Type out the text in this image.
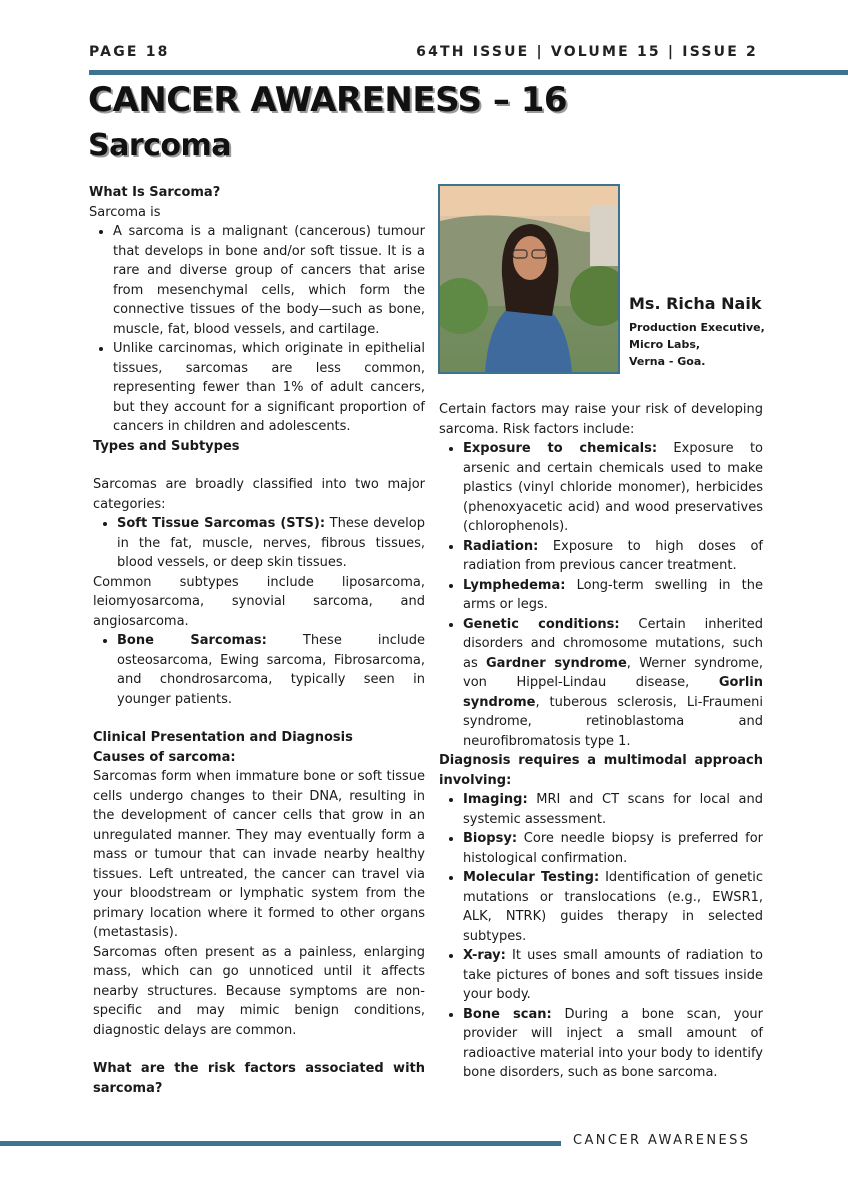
PAGE 18	64TH ISSUE | VOLUME 15 | ISSUE 2
CANCER AWARENESS – 16
Sarcoma
What Is Sarcoma?

Sarcoma is

• A sarcoma is a malignant (cancerous) tumour that develops in bone and/or soft tissue. It is a rare and diverse group of cancers that arise from mesenchymal cells, which form the connective tissues of the body—such as bone, muscle, fat, blood vessels, and cartilage.
• Unlike carcinomas, which originate in epithelial tissues, sarcomas are less common, representing fewer than 1% of adult cancers, but they account for a significant proportion of cancers in children and adolescents.
Types and Subtypes

Sarcomas are broadly classified into two major categories:

• Soft Tissue Sarcomas (STS): These develop in the fat, muscle, nerves, fibrous tissues, blood vessels, or deep skin tissues.

Common subtypes include liposarcoma, leiomyosarcoma, synovial sarcoma, and angiosarcoma.

• Bone Sarcomas: These include osteosarcoma, Ewing sarcoma, Fibrosarcoma, and chondrosarcoma, typically seen in younger patients.
Clinical Presentation and Diagnosis
Causes of sarcoma:

Sarcomas form when immature bone or soft tissue cells undergo changes to their DNA, resulting in the development of cancer cells that grow in an unregulated manner. They may eventually form a mass or tumour that can invade nearby healthy tissues. Left untreated, the cancer can travel via your bloodstream or lymphatic system from the primary location where it formed to other organs (metastasis).

Sarcomas often present as a painless, enlarging mass, which can go unnoticed until it affects nearby structures. Because symptoms are non-specific and may mimic benign conditions, diagnostic delays are common.

What are the risk factors associated with sarcoma?
Ms. Richa Naik
Production Executive,
Micro Labs,
Verna - Goa.

Certain factors may raise your risk of developing sarcoma. Risk factors include:

• Exposure to chemicals: Exposure to arsenic and certain chemicals used to make plastics (vinyl chloride monomer), herbicides (phenoxyacetic acid) and wood preservatives (chlorophenols).
• Radiation: Exposure to high doses of radiation from previous cancer treatment.
• Lymphedema: Long-term swelling in the arms or legs.
• Genetic conditions: Certain inherited disorders and chromosome mutations, such as Gardner syndrome, Werner syndrome, von Hippel-Lindau disease, Gorlin syndrome, tuberous sclerosis, Li-Fraumeni syndrome, retinoblastoma and neurofibromatosis type 1.
Diagnosis requires a multimodal approach involving:
• Imaging: MRI and CT scans for local and systemic assessment.
• Biopsy: Core needle biopsy is preferred for histological confirmation.
• Molecular Testing: Identification of genetic mutations or translocations (e.g., EWSR1, ALK, NTRK) guides therapy in selected subtypes.
• X-ray: It uses small amounts of radiation to take pictures of bones and soft tissues inside your body.
• Bone scan: During a bone scan, your provider will inject a small amount of radioactive material into your body to identify bone disorders, such as bone sarcoma.
CANCER AWARENESS
